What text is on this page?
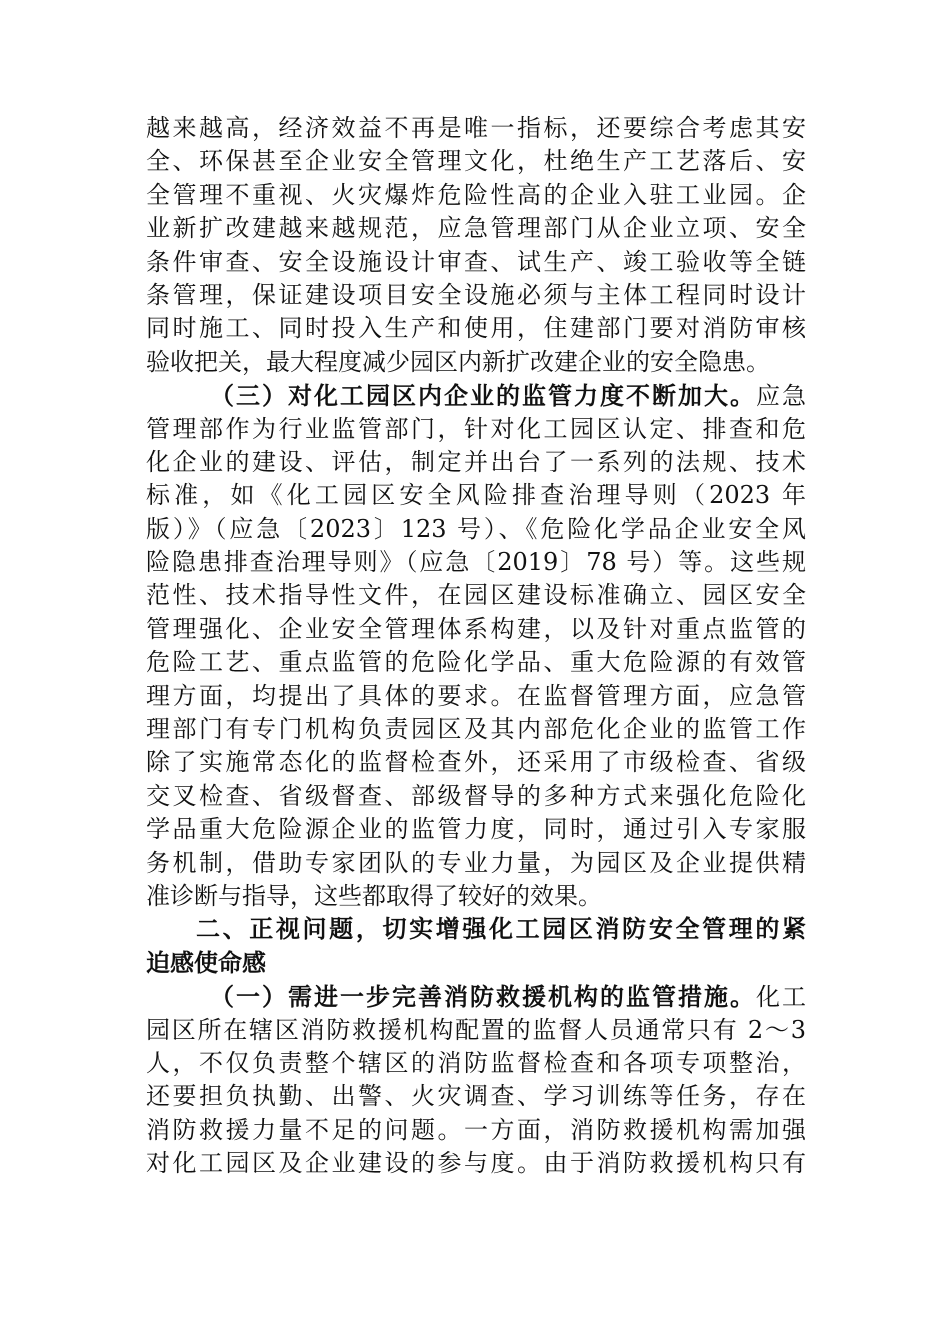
越来越高，经济效益不再是唯一指标，还要综合考虑其安
全、环保甚至企业安全管理文化，杜绝生产工艺落后、安
全管理不重视、火灾爆炸危险性高的企业入驻工业园。企
业新扩改建越来越规范，应急管理部门从企业立项、安全
条件审查、安全设施设计审查、试生产、竣工验收等全链
条管理，保证建设项目安全设施必须与主体工程同时设计
同时施工、同时投入生产和使用，住建部门要对消防审核
验收把关，最大程度减少园区内新扩改建企业的安全隐患。
（三）对化工园区内企业的监管力度不断加大。应急
管理部作为行业监管部门，针对化工园区认定、排查和危
化企业的建设、评估，制定并出台了一系列的法规、技术
标准，如《化工园区安全风险排查治理导则（2023 年
版）》（应急〔2023〕123 号）、《危险化学品企业安全风
险隐患排查治理导则》（应急〔2019〕78 号）等。这些规
范性、技术指导性文件，在园区建设标准确立、园区安全
管理强化、企业安全管理体系构建，以及针对重点监管的
危险工艺、重点监管的危险化学品、重大危险源的有效管
理方面，均提出了具体的要求。在监督管理方面，应急管
理部门有专门机构负责园区及其内部危化企业的监管工作
除了实施常态化的监督检查外，还采用了市级检查、省级
交叉检查、省级督查、部级督导的多种方式来强化危险化
学品重大危险源企业的监管力度，同时，通过引入专家服
务机制，借助专家团队的专业力量，为园区及企业提供精
准诊断与指导，这些都取得了较好的效果。
二、正视问题，切实增强化工园区消防安全管理的紧
迫感使命感
（一）需进一步完善消防救援机构的监管措施。化工
园区所在辖区消防救援机构配置的监督人员通常只有 2～3
人，不仅负责整个辖区的消防监督检查和各项专项整治，
还要担负执勤、出警、火灾调查、学习训练等任务，存在
消防救援力量不足的问题。一方面，消防救援机构需加强
对化工园区及企业建设的参与度。由于消防救援机构只有
